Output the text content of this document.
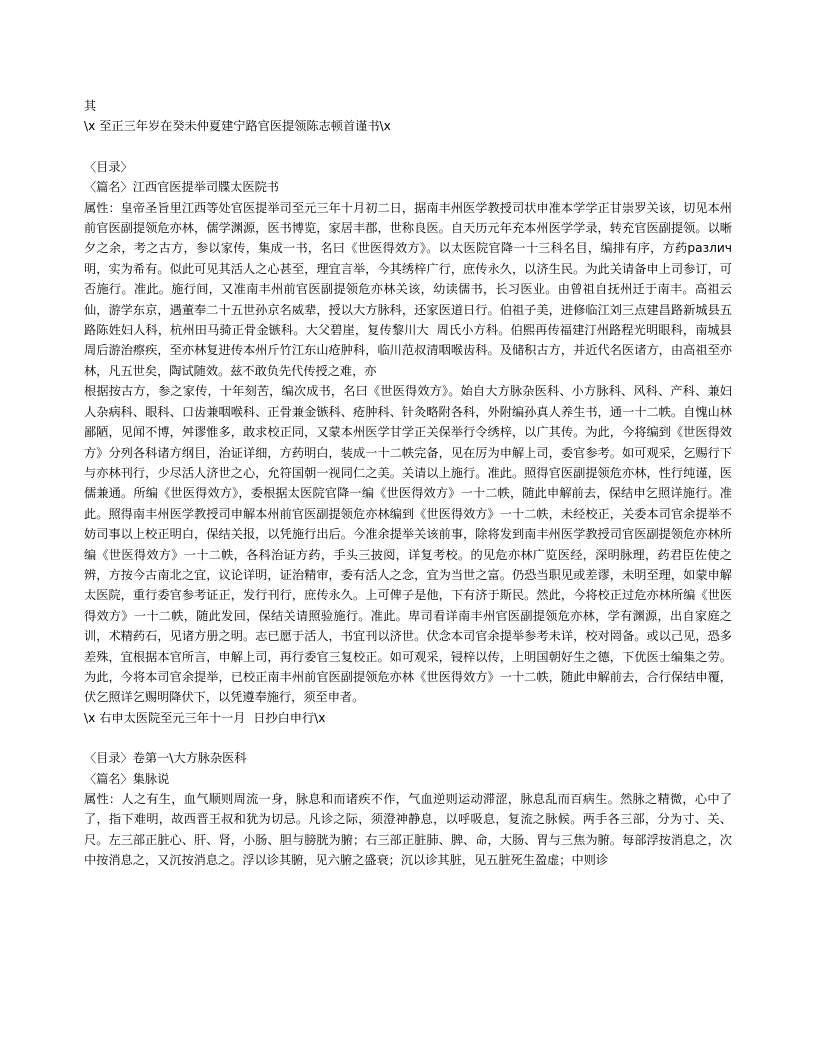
其

\x 至正三年岁在癸未仲夏建宁路官医提领陈志顿首谨书\x

〈目录〉

〈篇名〉江西官医提举司牒太医院书

属性：皇帝圣旨里江西等处官医提举司至元三年十月初二日，据南丰州医学教授司状申准本学学正甘崇罗关该，切见本州前官医副提领危亦林，儒学渊源，医书博览，家居丰郡，世称良医。自天历元年充本州医学学录，转充官医副提领。以晰夕之余，考之古方，参以家传，集成一书，名曰《世医得效方》。以太医院官降一十三科名目，编排有序，方药различ明，实为希有。似此可见其活人之心甚至，理宜言举，今其绣梓广行，庶传永久，以济生民。为此关请备申上司参订，可否施行。准此。施行间，又准南丰州前官医副提领危亦林关该，幼读儒书，长习医业。由曾祖自抚州迁于南丰。高祖云仙，游学东京，遇董奉二十五世孙京名威辈，授以大方脉科，还家医道日行。伯祖子美，进修临江刘三点建昌路新城县五路陈姓妇人科，杭州田马骑正骨金镞科。大父碧崖，复传黎川大  周氏小方科。伯熙再传福建汀州路程光明眼科，南城县周后游治瘵疾，至亦林复进传本州斤竹江东山疮肿科，临川范叔清咽喉齿科。及储积古方，并近代名医诸方，由高祖至亦林，凡五世矣，陶试随效。兹不敢负先代传授之难，亦

根据按古方，参之家传，十年刻苦，编次成书，名曰《世医得效方》。始自大方脉杂医科、小方脉科、风科、产科、兼妇人杂病科、眼科、口齿兼咽喉科、正骨兼金镞科、疮肿科、针灸略附各科，外附编孙真人养生书，通一十二帙。自愧山林鄙陋，见闻不博，舛谬惟多，敢求校正同，又蒙本州医学甘学正关保举行令绣梓，以广其传。为此，今将编到《世医得效方》分列各科诸方纲目，治证详细，方药明白，装成一十二帙完备，见在厉为申解上司，委官参考。如可观采，乞赐行下与亦林刊行，少尽活人济世之心，允符国朝一视同仁之美。关请以上施行。准此。照得官医副提领危亦林，性行纯谨，医儒兼通。所编《世医得效方》，委根据太医院官降一编《世医得效方》一十二帙，随此申解前去，保结申乞照详施行。准此。照得南丰州医学教授司申解本州前官医副提领危亦林编到《世医得效方》一十二帙，未经校正，关委本司官余提举不妨司事以上校正明白，保结关报，以凭施行出后。今准余提举关该前事，除将发到南丰州医学教授司官医副提领危亦林所编《世医得效方》一十二帙，各科治证方药，手头三披阅，详复考校。的见危亦林广览医经，深明脉理，药君臣佐使之辨，方按今古南北之宜，议论详明，证治精审，委有活人之念，宜为当世之富。仍恐当职见或差谬，未明至理，如蒙申解太医院，重行委官参考证正，发行刊行，庶传永久。上可俾子是他，下有济于斯民。然此，今将校正过危亦林所编《世医得效方》一十二帙，随此发回，保结关请照验施行。准此。卑司看详南丰州官医副提领危亦林，学有渊源，出自家庭之训，术精药石，见诸方册之明。志已愿于活人，书宜刊以济世。伏念本司官余提举参考未详，校对罔备。或以己见，恐多差殊，宜根据本官所言，申解上司，再行委官三复校正。如可观采，锓梓以传，上明国朝好生之德，下优医士编集之劳。为此，今将本司官余提举，已校正南丰州前官医副提领危亦林《世医得效方》一十二帙，随此申解前去，合行保结申覆，伏乞照详乞赐明降伏下，以凭遵奉施行，须至申者。

\x 右申太医院至元三年十一月  日抄白申行\x

〈目录〉卷第一\大方脉杂医科

〈篇名〉集脉说

属性：人之有生，血气顺则周流一身，脉息和而诸疾不作，气血逆则运动滞涩，脉息乱而百病生。然脉之精微，心中了了，指下难明，故西晋王叔和犹为切忌。凡诊之际，须澄神静息，以呼吸息，复流之脉候。两手各三部，分为寸、关、尺。左三部正脏心、肝、肾，小肠、胆与膀胱为腑；右三部正脏肺、脾、命，大肠、胃与三焦为腑。每部浮按消息之，次中按消息之，又沉按消息之。浮以诊其腑，见六腑之盛衰；沉以诊其脏，见五脏死生盈虚；中则诊
